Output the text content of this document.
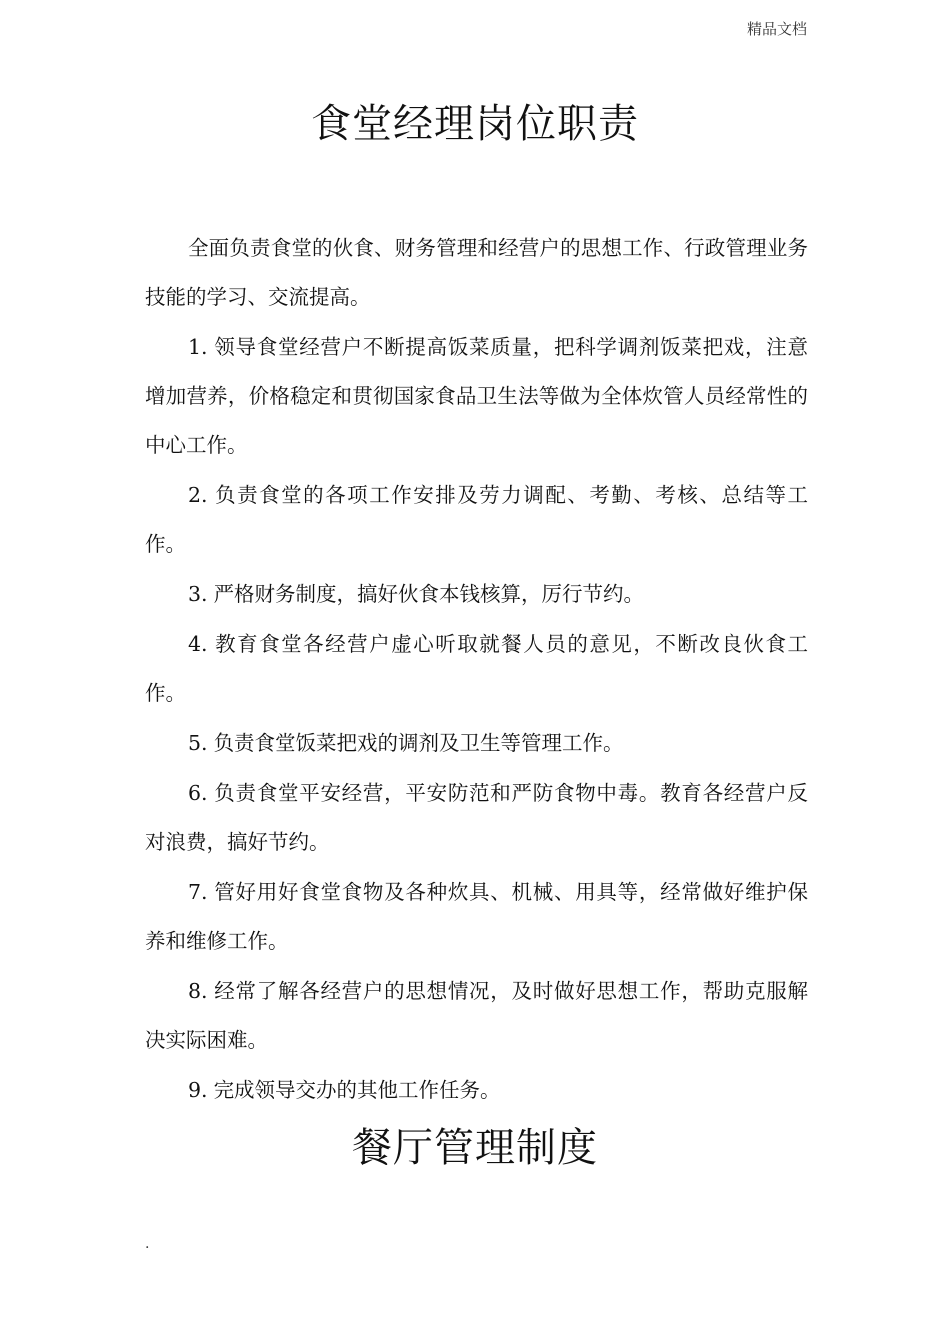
精品文档
食堂经理岗位职责

全面负责食堂的伙食、财务管理和经营户的思想工作、行政管理业务技能的学习、交流提高。

1. 领导食堂经营户不断提高饭菜质量，把科学调剂饭菜把戏，注意增加营养，价格稳定和贯彻国家食品卫生法等做为全体炊管人员经常性的中心工作。

2. 负责食堂的各项工作安排及劳力调配、考勤、考核、总结等工作。

3. 严格财务制度，搞好伙食本钱核算，厉行节约。

4. 教育食堂各经营户虚心听取就餐人员的意见，不断改良伙食工作。

5. 负责食堂饭菜把戏的调剂及卫生等管理工作。

6. 负责食堂平安经营，平安防范和严防食物中毒。教育各经营户反对浪费，搞好节约。

7. 管好用好食堂食物及各种炊具、机械、用具等，经常做好维护保养和维修工作。

8. 经常了解各经营户的思想情况，及时做好思想工作，帮助克服解决实际困难。

9. 完成领导交办的其他工作任务。

餐厅管理制度
.
